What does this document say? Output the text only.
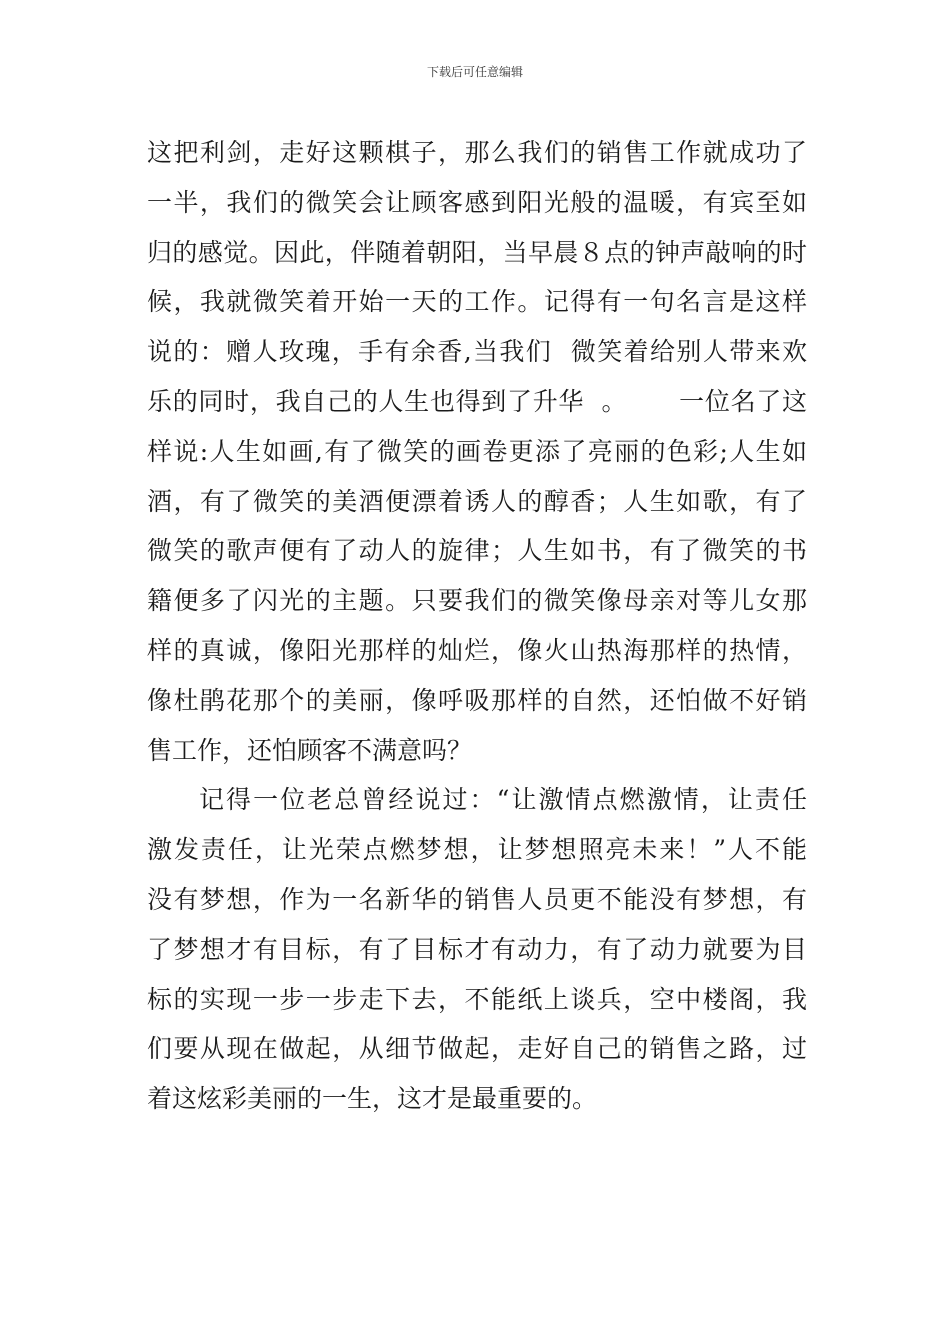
下载后可任意编辑
这把利剑，走好这颗棋子，那么我们的销售工作就成功了
一半，我们的微笑会让顾客感到阳光般的温暖，有宾至如
归的感觉。因此，伴随着朝阳，当早晨８点的钟声敲响的时
候，我就微笑着开始一天的工作。记得有一句名言是这样
说的：赠人玫瑰，手有余香,当我们  微笑着给别人带来欢
乐的同时，我自己的人生也得到了升华  。      一位名了这
样说:人生如画,有了微笑的画卷更添了亮丽的色彩;人生如
酒，有了微笑的美酒便漂着诱人的醇香；人生如歌，有了
微笑的歌声便有了动人的旋律；人生如书，有了微笑的书
籍便多了闪光的主题。只要我们的微笑像母亲对等儿女那
样的真诚，像阳光那样的灿烂，像火山热海那样的热情，
像杜鹃花那个的美丽，像呼吸那样的自然，还怕做不好销
售工作，还怕顾客不满意吗？
记得一位老总曾经说过：“让激情点燃激情，让责任
激发责任，让光荣点燃梦想，让梦想照亮未来！”人不能
没有梦想，作为一名新华的销售人员更不能没有梦想，有
了梦想才有目标，有了目标才有动力，有了动力就要为目
标的实现一步一步走下去，不能纸上谈兵，空中楼阁，我
们要从现在做起，从细节做起，走好自己的销售之路，过
着这炫彩美丽的一生，这才是最重要的。
